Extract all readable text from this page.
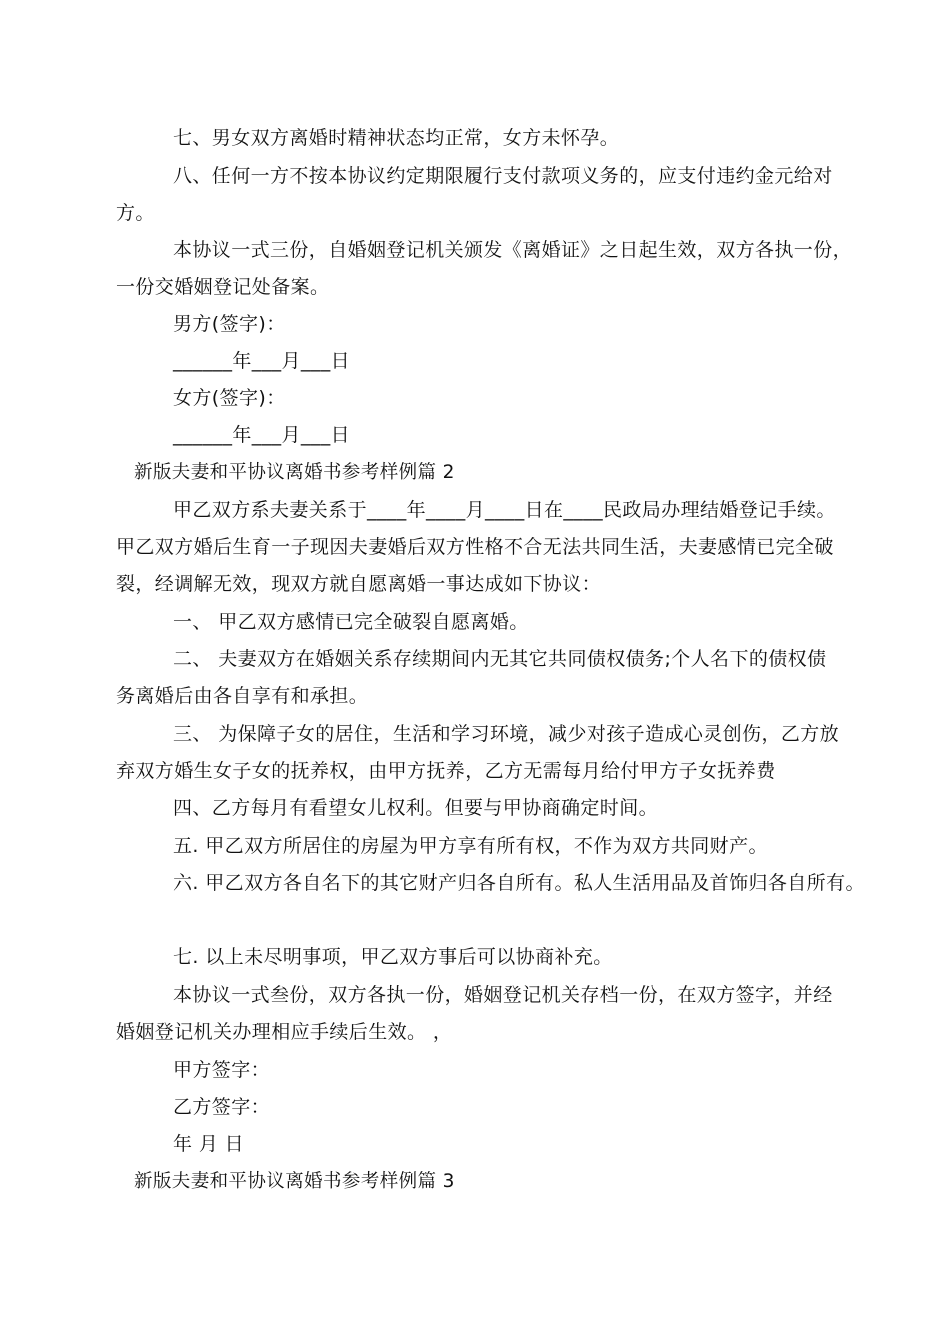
七、男女双方离婚时精神状态均正常，女方未怀孕。
八、任何一方不按本协议约定期限履行支付款项义务的，应支付违约金元给对
方。
本协议一式三份，自婚姻登记机关颁发《离婚证》之日起生效，双方各执一份，
一份交婚姻登记处备案。
男方(签字)：
______年___月___日
女方(签字)：
______年___月___日
新版夫妻和平协议离婚书参考样例篇 2
甲乙双方系夫妻关系于____年____月____日在____民政局办理结婚登记手续。
甲乙双方婚后生育一子现因夫妻婚后双方性格不合无法共同生活，夫妻感情已完全破
裂，经调解无效，现双方就自愿离婚一事达成如下协议：
一、 甲乙双方感情已完全破裂自愿离婚。
二、 夫妻双方在婚姻关系存续期间内无其它共同债权债务;个人名下的债权债
务离婚后由各自享有和承担。
三、 为保障子女的居住，生活和学习环境，减少对孩子造成心灵创伤，乙方放
弃双方婚生女子女的抚养权，由甲方抚养，乙方无需每月给付甲方子女抚养费
四、乙方每月有看望女儿权利。但要与甲协商确定时间。
五. 甲乙双方所居住的房屋为甲方享有所有权，不作为双方共同财产。
六. 甲乙双方各自名下的其它财产归各自所有。私人生活用品及首饰归各自所有。
七. 以上未尽明事项，甲乙双方事后可以协商补充。
本协议一式叁份，双方各执一份，婚姻登记机关存档一份，在双方签字，并经
婚姻登记机关办理相应手续后生效。 ，
甲方签字：
乙方签字：
年 月 日
新版夫妻和平协议离婚书参考样例篇 3
